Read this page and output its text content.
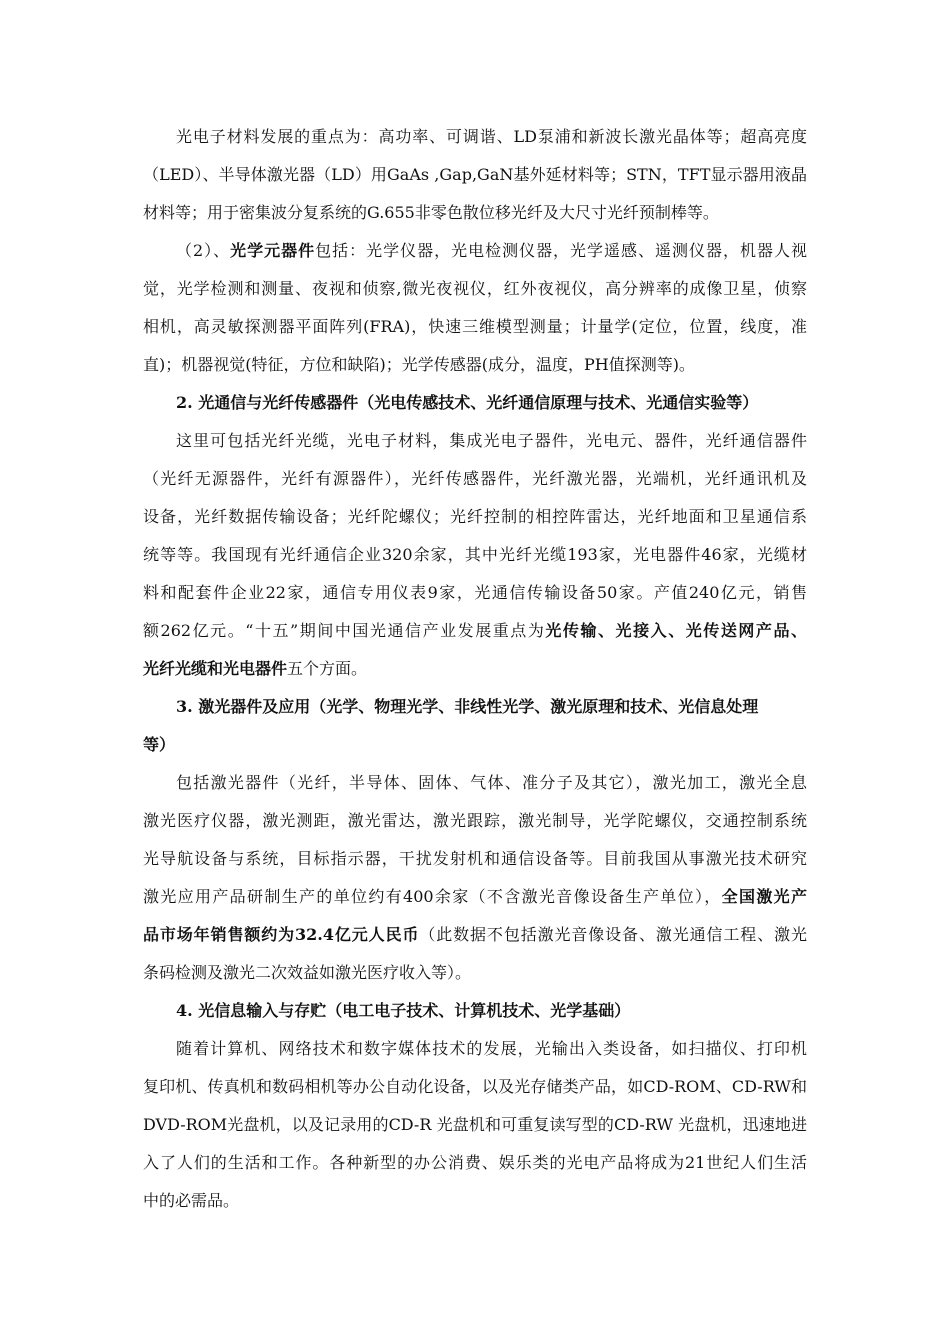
光电子材料发展的重点为：高功率、可调谐、LD泵浦和新波长激光晶体等；超高亮度
（LED）、半导体激光器（LD）用GaAs ,Gap,GaN基外延材料等；STN，TFT显示器用液晶
材料等；用于密集波分复系统的G.655非零色散位移光纤及大尺寸光纤预制棒等。
（2）、光学元器件包括：光学仪器，光电检测仪器，光学遥感、遥测仪器，机器人视
觉，光学检测和测量、夜视和侦察,微光夜视仪，红外夜视仪，高分辨率的成像卫星，侦察
相机，高灵敏探测器平面阵列(FRA)，快速三维模型测量；计量学(定位，位置，线度，准
直)；机器视觉(特征，方位和缺陷)；光学传感器(成分，温度，PH值探测等)。
2. 光通信与光纤传感器件（光电传感技术、光纤通信原理与技术、光通信实验等）
这里可包括光纤光缆，光电子材料，集成光电子器件，光电元、器件，光纤通信器件
（光纤无源器件，光纤有源器件），光纤传感器件，光纤激光器，光端机，光纤通讯机及
设备，光纤数据传输设备；光纤陀螺仪；光纤控制的相控阵雷达，光纤地面和卫星通信系
统等等。我国现有光纤通信企业320余家，其中光纤光缆193家，光电器件46家，光缆材
料和配套件企业22家，通信专用仪表9家，光通信传输设备50家。产值240亿元，销售
额262亿元。“十五”期间中国光通信产业发展重点为光传输、光接入、光传送网产品、
光纤光缆和光电器件五个方面。
3. 激光器件及应用（光学、物理光学、非线性光学、激光原理和技术、光信息处理
等）
包括激光器件（光纤，半导体、固体、气体、准分子及其它），激光加工，激光全息
激光医疗仪器，激光测距，激光雷达，激光跟踪，激光制导，光学陀螺仪，交通控制系统
光导航设备与系统，目标指示器，干扰发射机和通信设备等。目前我国从事激光技术研究
激光应用产品研制生产的单位约有400余家（不含激光音像设备生产单位），全国激光产
品市场年销售额约为32.4亿元人民币（此数据不包括激光音像设备、激光通信工程、激光
条码检测及激光二次效益如激光医疗收入等）。
4. 光信息输入与存贮（电工电子技术、计算机技术、光学基础）
随着计算机、网络技术和数字媒体技术的发展，光输出入类设备，如扫描仪、打印机
复印机、传真机和数码相机等办公自动化设备，以及光存储类产品，如CD-ROM、CD-RW和
DVD-ROM光盘机，以及记录用的CD-R 光盘机和可重复读写型的CD-RW 光盘机，迅速地进
入了人们的生活和工作。各种新型的办公消费、娱乐类的光电产品将成为21世纪人们生活
中的必需品。
